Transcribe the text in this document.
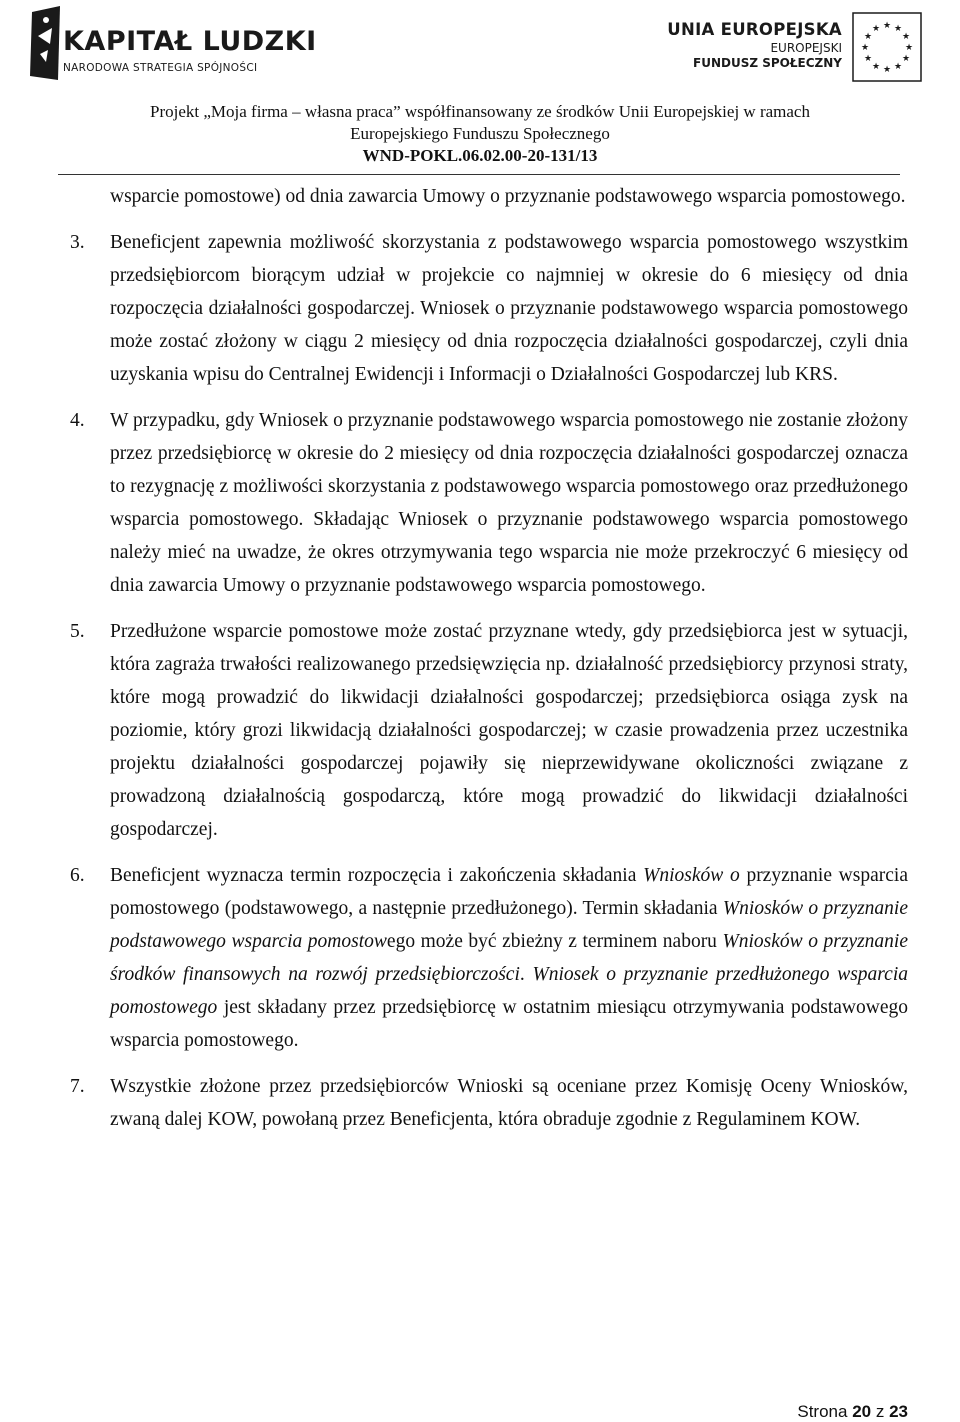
KAPITAŁ LUDZKI
NARODOWA STRATEGIA SPÓJNOŚCI
UNIA EUROPEJSKA
EUROPEJSKI
FUNDUSZ SPOŁECZNY
★ ★
★
★
★
★
★
★
★
★
★
★
Projekt „Moja firma – własna praca” współfinansowany ze środków Unii Europejskiej w ramach
Europejskiego Funduszu Społecznego
WND-POKL.06.02.00-20-131/13

wsparcie pomostowe) od dnia zawarcia Umowy o przyznanie podstawowego wsparcia pomostowego.

3.	Beneficjent zapewnia możliwość skorzystania z podstawowego wsparcia pomostowego wszystkim przedsiębiorcom biorącym udział w projekcie co najmniej w okresie do 6 miesięcy od dnia rozpoczęcia działalności gospodarczej. Wniosek o przyznanie podstawowego wsparcia pomostowego może zostać złożony w ciągu 2 miesięcy od dnia rozpoczęcia działalności gospodarczej, czyli dnia uzyskania wpisu do Centralnej Ewidencji i Informacji o Działalności Gospodarczej lub KRS.
4.	W przypadku, gdy Wniosek o przyznanie podstawowego wsparcia pomostowego nie zostanie złożony przez przedsiębiorcę w okresie do 2 miesięcy od dnia rozpoczęcia działalności gospodarczej oznacza to rezygnację z możliwości skorzystania z podstawowego wsparcia pomostowego oraz przedłużonego wsparcia pomostowego. Składając Wniosek o przyznanie podstawowego wsparcia pomostowego należy mieć na uwadze, że okres otrzymywania tego wsparcia nie może przekroczyć 6 miesięcy od dnia zawarcia Umowy o przyznanie podstawowego wsparcia pomostowego.
5.	Przedłużone wsparcie pomostowe może zostać przyznane wtedy, gdy przedsiębiorca jest w sytuacji, która zagraża trwałości realizowanego przedsięwzięcia np. działalność przedsiębiorcy przynosi straty, które mogą prowadzić do likwidacji działalności gospodarczej; przedsiębiorca osiąga zysk na poziomie, który grozi likwidacją działalności gospodarczej; w czasie prowadzenia przez uczestnika projektu działalności gospodarczej pojawiły się nieprzewidywane okoliczności związane z prowadzoną działalnością gospodarczą, które mogą prowadzić do likwidacji działalności gospodarczej.
6.	Beneficjent wyznacza termin rozpoczęcia i zakończenia składania Wniosków o przyznanie wsparcia pomostowego (podstawowego, a następnie przedłużonego). Termin składania Wniosków o przyznanie podstawowego wsparcia pomostowego może być zbieżny z terminem naboru Wniosków o przyznanie środków finansowych na rozwój przedsiębiorczości. Wniosek o przyznanie przedłużonego wsparcia pomostowego jest składany przez przedsiębiorcę w ostatnim miesiącu otrzymywania podstawowego wsparcia pomostowego.
7.	Wszystkie złożone przez przedsiębiorców Wnioski są oceniane przez Komisję Oceny Wniosków, zwaną dalej KOW, powołaną przez Beneficjenta, która obraduje zgodnie z Regulaminem KOW.
Strona 20 z 23
